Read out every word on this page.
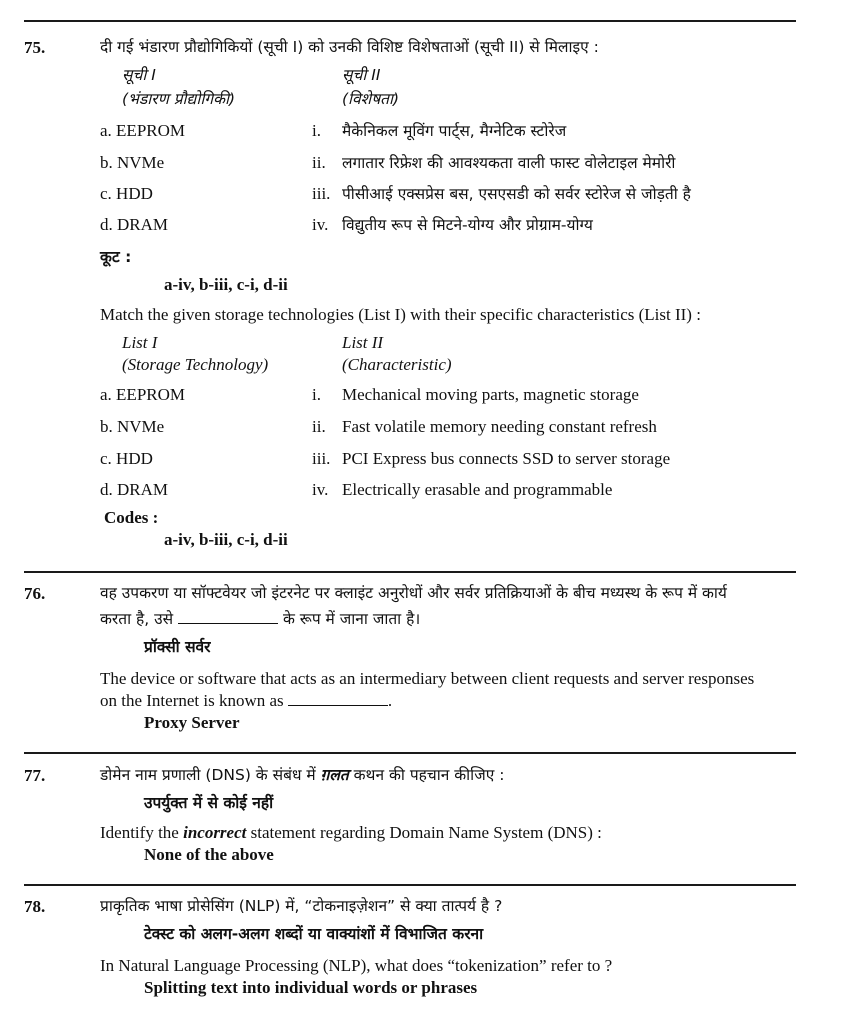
75.	दी गई भंडारण प्रौद्योगिकियों (सूची I) को उनकी विशिष्ट विशेषताओं (सूची II) से मिलाइए :
सूची I	सूची II
(भंडारण प्रौद्योगिकी)	(विशेषता)
a. EEPROM	i. मैकेनिकल मूविंग पार्ट्स, मैग्नेटिक स्टोरेज
b. NVMe	ii. लगातार रिफ्रेश की आवश्यकता वाली फास्ट वोलेटाइल मेमोरी
c. HDD	iii. पीसीआई एक्सप्रेस बस, एसएसडी को सर्वर स्टोरेज से जोड़ती है
d. DRAM	iv. विद्युतीय रूप से मिटने-योग्य और प्रोग्राम-योग्य
कूट :
a-iv, b-iii, c-i, d-ii
Match the given storage technologies (List I) with their specific characteristics (List II) :
List I	List II
(Storage Technology)	(Characteristic)
a. EEPROM	i. Mechanical moving parts, magnetic storage
b. NVMe	ii. Fast volatile memory needing constant refresh
c. HDD	iii. PCI Express bus connects SSD to server storage
d. DRAM	iv. Electrically erasable and programmable
Codes :
a-iv, b-iii, c-i, d-ii
76.	वह उपकरण या सॉफ्टवेयर जो इंटरनेट पर क्लाइंट अनुरोधों और सर्वर प्रतिक्रियाओं के बीच मध्यस्थ के रूप में कार्य
करता है, उसे	के रूप में जाना जाता है।
प्रॉक्सी सर्वर
The device or software that acts as an intermediary between client requests and server responses
on the Internet is known as	.
Proxy Server
77.	डोमेन नाम प्रणाली (DNS) के संबंध में ग़लत कथन की पहचान कीजिए :
उपर्युक्त में से कोई नहीं
Identify the incorrect statement regarding Domain Name System (DNS) :
None of the above
78.	प्राकृतिक भाषा प्रोसेसिंग (NLP) में, “टोकनाइज़ेशन” से क्या तात्पर्य है ?
टेक्स्ट को अलग-अलग शब्दों या वाक्यांशों में विभाजित करना
In Natural Language Processing (NLP), what does “tokenization” refer to ?
Splitting text into individual words or phrases
